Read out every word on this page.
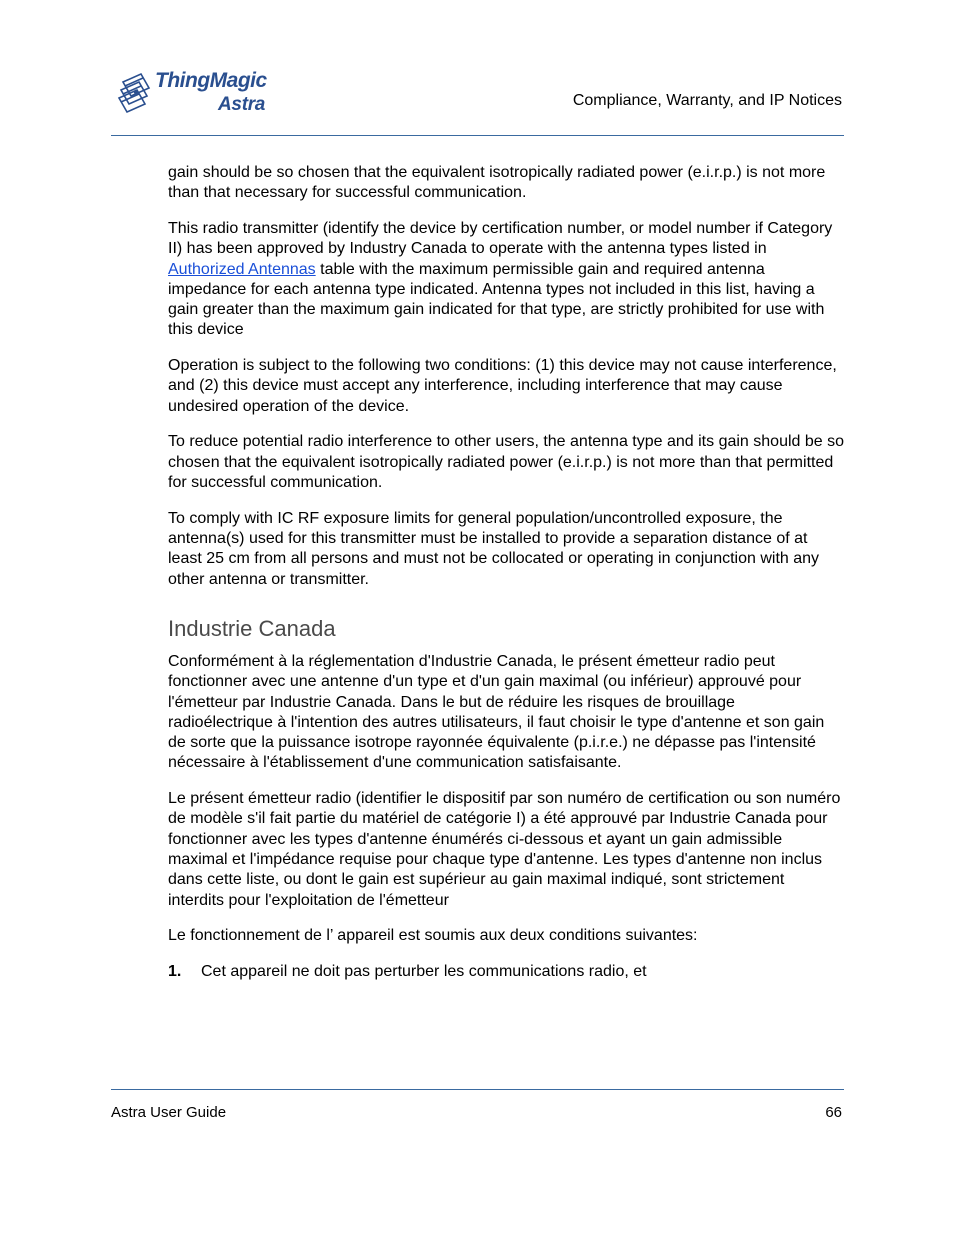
ThingMagic
Astra	Compliance, Warranty, and IP Notices

gain should be so chosen that the equivalent isotropically radiated power (e.i.r.p.) is not more than that necessary for successful communication.

This radio transmitter (identify the device by certification number, or model number if Category II) has been approved by Industry Canada to operate with the antenna types listed in Authorized Antennas table with the maximum permissible gain and required antenna impedance for each antenna type indicated. Antenna types not included in this list, having a gain greater than the maximum gain indicated for that type, are strictly prohibited for use with this device

Operation is subject to the following two conditions: (1) this device may not cause interference, and (2) this device must accept any interference, including interference that may cause undesired operation of the device.

To reduce potential radio interference to other users, the antenna type and its gain should be so chosen that the equivalent isotropically radiated power (e.i.r.p.) is not more than that permitted for successful communication.

To comply with IC RF exposure limits for general population/uncontrolled exposure, the antenna(s) used for this transmitter must be installed to provide a separation distance of at least 25 cm from all persons and must not be collocated or operating in conjunction with any other antenna or transmitter.

Industrie Canada

Conformément à la réglementation d'Industrie Canada, le présent émetteur radio peut fonctionner avec une antenne d'un type et d'un gain maximal (ou inférieur) approuvé pour l'émetteur par Industrie Canada. Dans le but de réduire les risques de brouillage radioélectrique à l'intention des autres utilisateurs, il faut choisir le type d'antenne et son gain de sorte que la puissance isotrope rayonnée équivalente (p.i.r.e.) ne dépasse pas l'intensité nécessaire à l'établissement d'une communication satisfaisante.

Le présent émetteur radio (identifier le dispositif par son numéro de certification ou son numéro de modèle s'il fait partie du matériel de catégorie I) a été approuvé par Industrie Canada pour fonctionner avec les types d'antenne énumérés ci-dessous et ayant un gain admissible maximal et l'impédance requise pour chaque type d'antenne. Les types d'antenne non inclus dans cette liste, ou dont le gain est supérieur au gain maximal indiqué, sont strictement interdits pour l'exploitation de l'émetteur

Le fonctionnement de l’ appareil est soumis aux deux conditions suivantes:

1. Cet appareil ne doit pas perturber les communications radio, et
Astra User Guide	66
